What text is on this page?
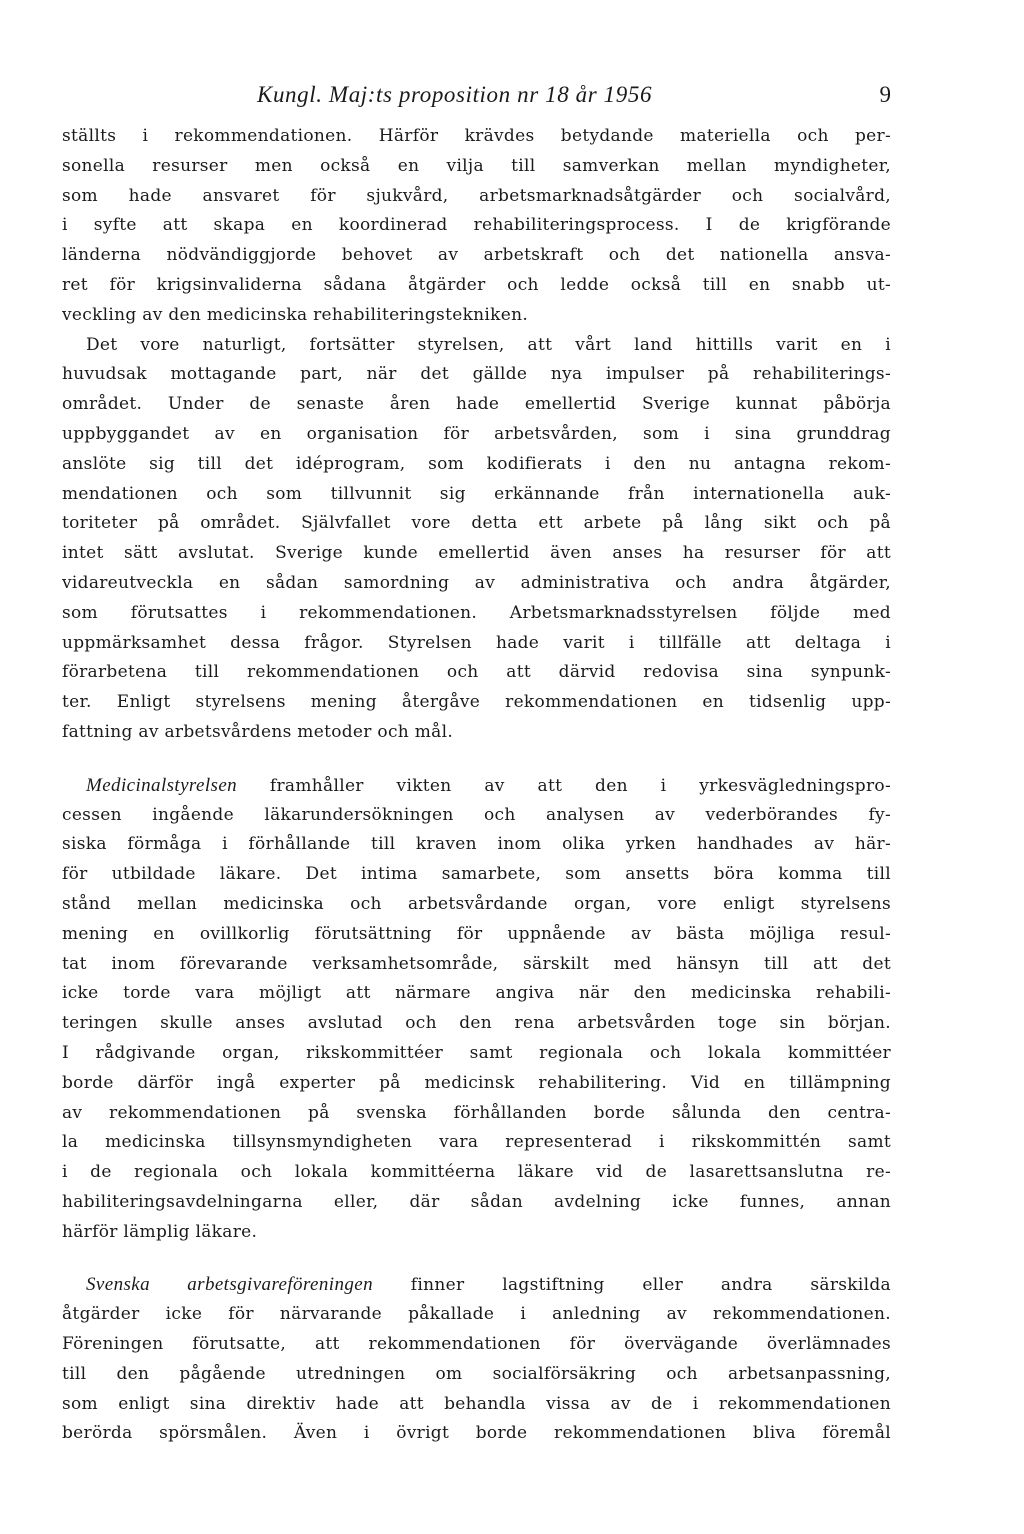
Kungl. Maj:ts proposition nr 18 år 1956	9
ställts i rekommendationen. Härför krävdes betydande materiella och per-
sonella resurser men också en vilja till samverkan mellan myndigheter,
som hade ansvaret för sjukvård, arbetsmarknadsåtgärder och socialvård,
i syfte att skapa en koordinerad rehabiliteringsprocess. I de krigförande
länderna nödvändiggjorde behovet av arbetskraft och det nationella ansva-
ret för krigsinvaliderna sådana åtgärder och ledde också till en snabb ut-
veckling av den medicinska rehabiliteringstekniken.
Det vore naturligt, fortsätter styrelsen, att vårt land hittills varit en i
huvudsak mottagande part, när det gällde nya impulser på rehabiliterings-
området. Under de senaste åren hade emellertid Sverige kunnat påbörja
uppbyggandet av en organisation för arbetsvården, som i sina grunddrag
anslöte sig till det idéprogram, som kodifierats i den nu antagna rekom-
mendationen och som tillvunnit sig erkännande från internationella auk-
toriteter på området. Självfallet vore detta ett arbete på lång sikt och på
intet sätt avslutat. Sverige kunde emellertid även anses ha resurser för att
vidareutveckla en sådan samordning av administrativa och andra åtgärder,
som förutsattes i rekommendationen. Arbetsmarknadsstyrelsen följde med
uppmärksamhet dessa frågor. Styrelsen hade varit i tillfälle att deltaga i
förarbetena till rekommendationen och att därvid redovisa sina synpunk-
ter. Enligt styrelsens mening återgåve rekommendationen en tidsenlig upp-
fattning av arbetsvårdens metoder och mål.
Medicinalstyrelsen framhåller vikten av att den i yrkesvägledningspro-
cessen ingående läkarundersökningen och analysen av vederbörandes fy-
siska förmåga i förhållande till kraven inom olika yrken handhades av här-
för utbildade läkare. Det intima samarbete, som ansetts böra komma till
stånd mellan medicinska och arbetsvårdande organ, vore enligt styrelsens
mening en ovillkorlig förutsättning för uppnående av bästa möjliga resul-
tat inom förevarande verksamhetsområde, särskilt med hänsyn till att det
icke torde vara möjligt att närmare angiva när den medicinska rehabili-
teringen skulle anses avslutad och den rena arbetsvården toge sin början.
I rådgivande organ, rikskommittéer samt regionala och lokala kommittéer
borde därför ingå experter på medicinsk rehabilitering. Vid en tillämpning
av rekommendationen på svenska förhållanden borde sålunda den centra-
la medicinska tillsynsmyndigheten vara representerad i rikskommittén samt
i de regionala och lokala kommittéerna läkare vid de lasarettsanslutna re-
habiliteringsavdelningarna eller, där sådan avdelning icke funnes, annan
härför lämplig läkare.
Svenska arbetsgivareföreningen finner lagstiftning eller andra särskilda
åtgärder icke för närvarande påkallade i anledning av rekommendationen.
Föreningen förutsatte, att rekommendationen för övervägande överlämnades
till den pågående utredningen om socialförsäkring och arbetsanpassning,
som enligt sina direktiv hade att behandla vissa av de i rekommendationen
berörda spörsmålen. Även i övrigt borde rekommendationen bliva föremål
